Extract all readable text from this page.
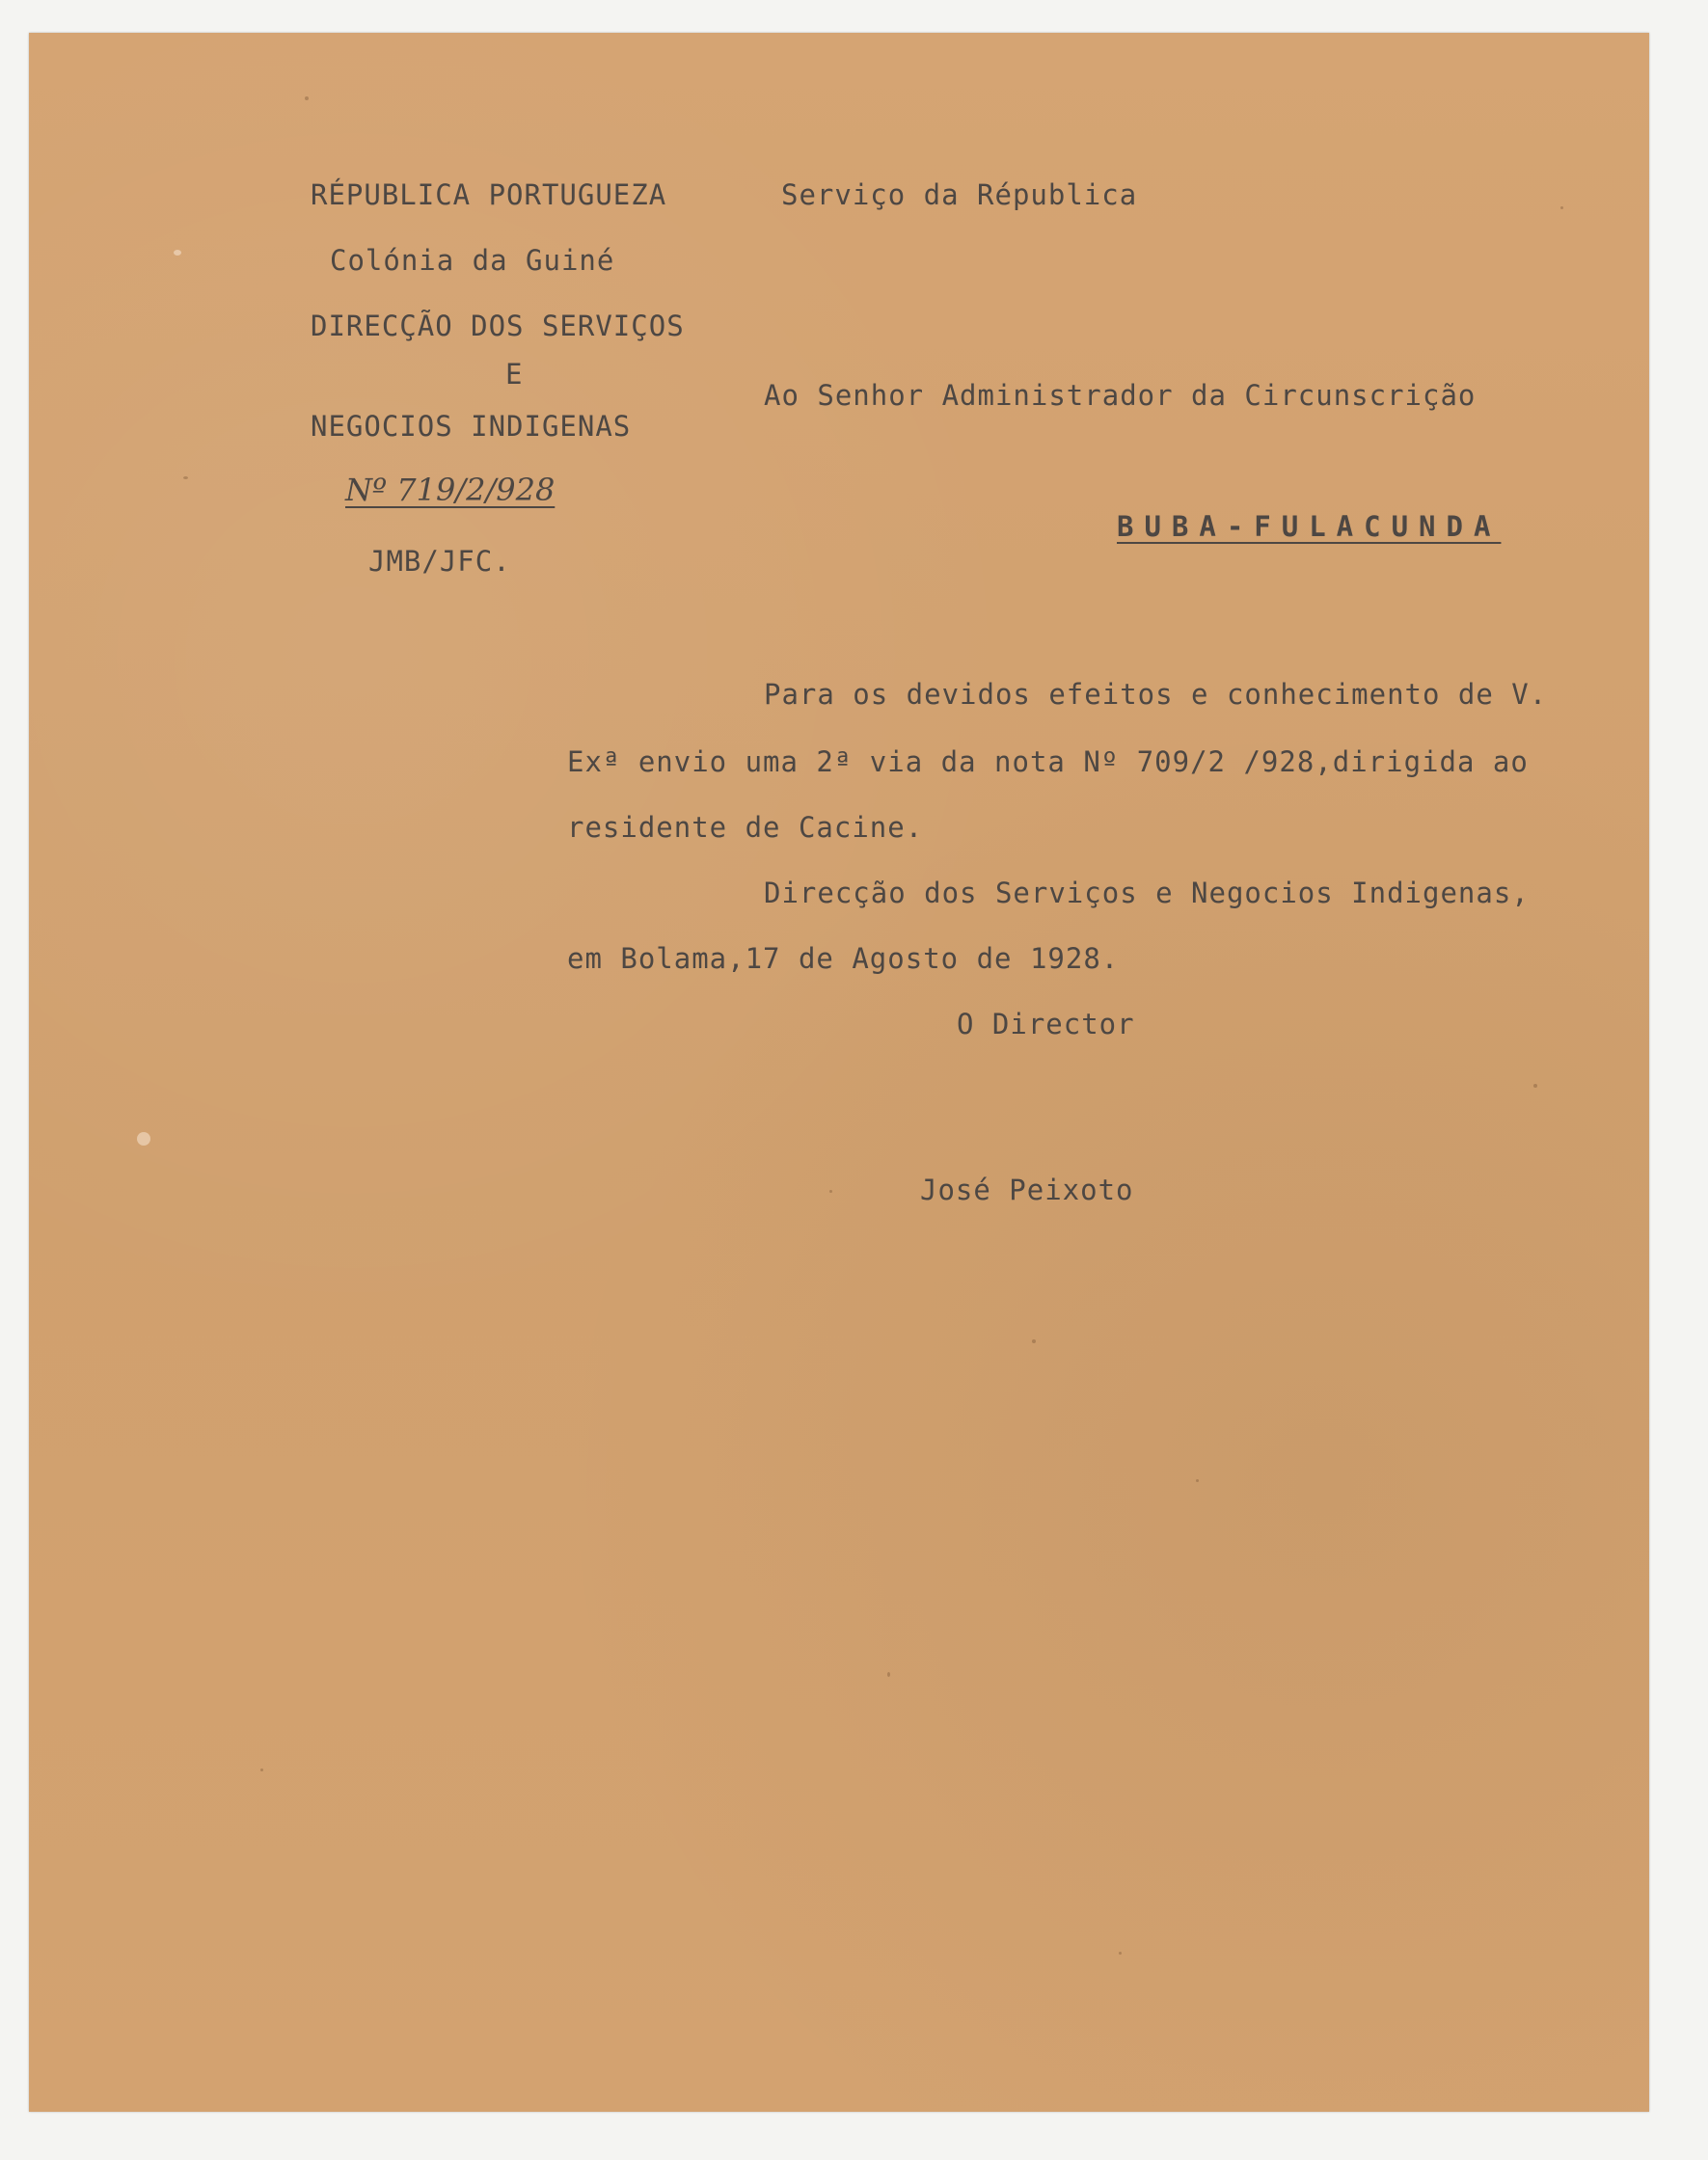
RÉPUBLICA PORTUGUEZA
Colónia da Guiné
DIRECÇÃO DOS SERVIÇOS
E
NEGOCIOS INDIGENAS
Nº 719/2/928
JMB/JFC.
Serviço da Républica
Ao Senhor Administrador da Circunscrição
BUBA-FULACUNDA
Para os devidos efeitos e conhecimento de V.
Exª envio uma 2ª via da nota Nº 709/2 /928,dirigida ao
residente de Cacine.
Direcção dos Serviços e Negocios Indigenas,
em Bolama,17 de Agosto de 1928.
O Director
José Peixoto
